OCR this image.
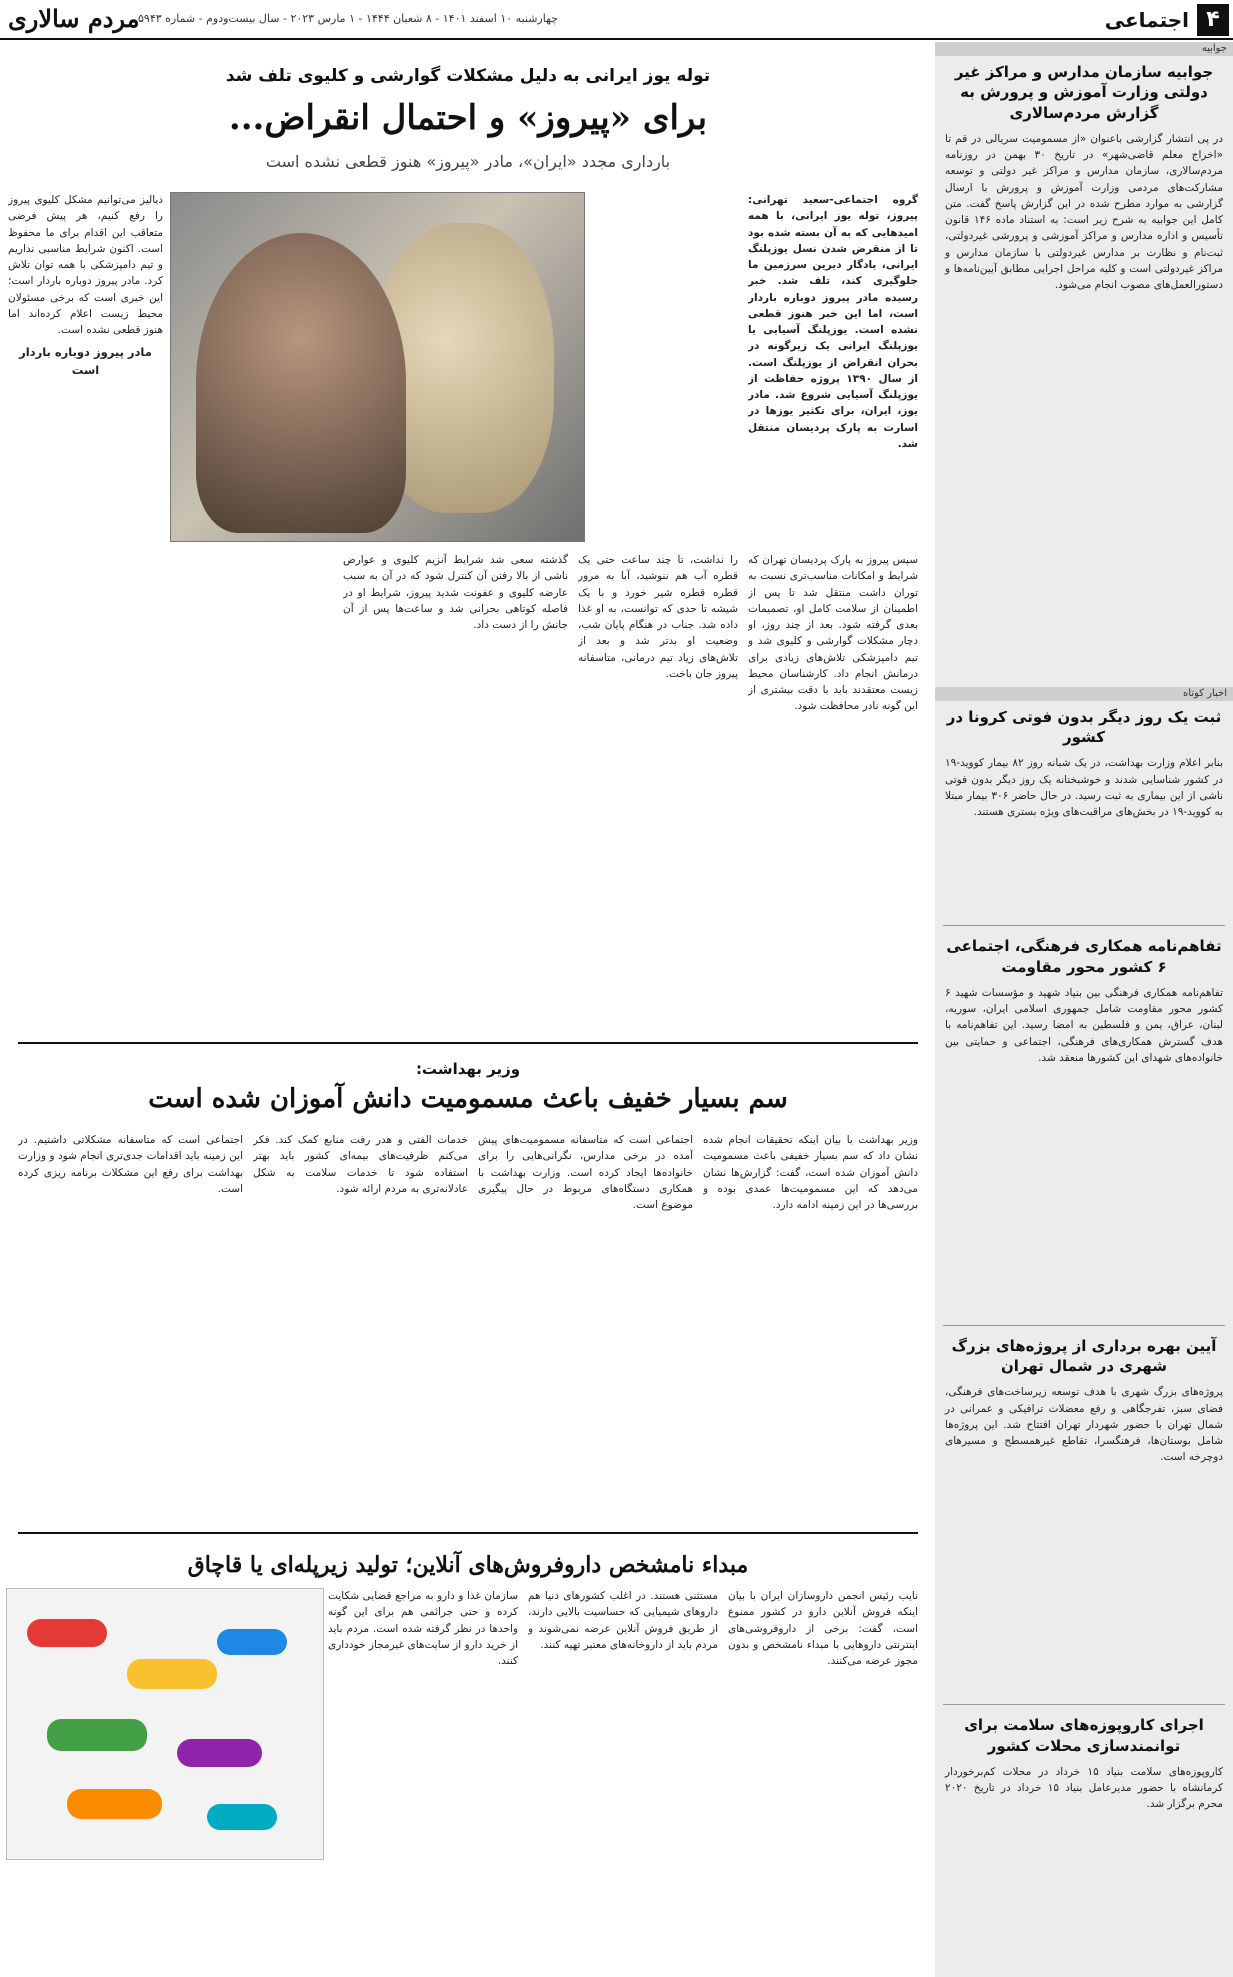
۴
اجتماعی
چهارشنبه ۱۰ اسفند ۱۴۰۱ - ۸ شعبان ۱۴۴۴ - ۱ مارس ۲۰۲۳ - سال بیست‌ودوم - شماره ۵۹۴۳
مردم سالاری
جوابیه
جوابیه سازمان مدارس و مراکز غیر دولتی وزارت آموزش و پرورش به گزارش مردم‌سالاری

در پی انتشار گزارشی باعنوان «از مسمومیت سریالی در قم تا «اخراج معلم قاضی‌شهر» در تاریخ ۳۰ بهمن در روزنامه مردم‌سالاری، سازمان مدارس و مراکز غیر دولتی و توسعه مشارکت‌های مردمی وزارت آموزش و پرورش با ارسال گزارشی به موارد مطرح شده در این گزارش پاسخ گفت. متن کامل این جوابیه به شرح زیر است: به استناد ماده ۱۴۶ قانون تأسیس و اداره مدارس و مراکز آموزشی و پرورشی غیردولتی، ثبت‌نام و نظارت بر مدارس غیردولتی با سازمان مدارس و مراکز غیردولتی است و کلیه مراحل اجرایی مطابق آیین‌نامه‌ها و دستورالعمل‌های مصوب انجام می‌شود.

اخبار کوتاه
ثبت یک روز دیگر بدون فوتی کرونا در کشور

بنابر اعلام وزارت بهداشت، در یک شبانه روز ۸۲ بیمار کووید-۱۹ در کشور شناسایی شدند و خوشبختانه یک روز دیگر بدون فوتی ناشی از این بیماری به ثبت رسید. در حال حاضر ۳۰۶ بیمار مبتلا به کووید-۱۹ در بخش‌های مراقبت‌های ویژه بستری هستند.

تفاهم‌نامه همکاری فرهنگی، اجتماعی ۶ کشور محور مقاومت

تفاهم‌نامه همکاری فرهنگی بین بنیاد شهید و مؤسسات شهید ۶ کشور محور مقاومت شامل جمهوری اسلامی ایران، سوریه، لبنان، عراق، یمن و فلسطین به امضا رسید. این تفاهم‌نامه با هدف گسترش همکاری‌های فرهنگی، اجتماعی و حمایتی بین خانواده‌های شهدای این کشورها منعقد شد.

آیین بهره برداری از پروژه‌های بزرگ شهری در شمال تهران

پروژه‌های بزرگ شهری با هدف توسعه زیرساخت‌های فرهنگی، فضای سبز، تفرجگاهی و رفع معضلات ترافیکی و عمرانی در شمال تهران با حضور شهردار تهران افتتاح شد. این پروژه‌ها شامل بوستان‌ها، فرهنگسرا، تقاطع غیرهمسطح و مسیرهای دوچرخه است.

اجرای کاروپوزه‌های سلامت برای توانمندسازی محلات کشور

کاروپوزه‌های سلامت بنیاد ۱۵ خرداد در محلات کم‌برخوردار کرمانشاه با حضور مدیرعامل بنیاد ۱۵ خرداد در تاریخ ۲۰۲۰ محرم برگزار شد.

توله یوز ایرانی به دلیل مشکلات گوارشی و کلیوی تلف شد
برای «پیروز» و احتمال انقراض...
بارداری مجدد «ایران»، مادر «پیروز» هنوز قطعی نشده است

گروه اجتماعی-سعید تهرانی: پیروز، توله یوز ایرانی، با همه امیدهایی که به آن بسته شده بود تا از منقرض شدن نسل یوزپلنگ ایرانی، یادگار دیرین سرزمین ما جلوگیری کند، تلف شد. خبر رسیده مادر پیروز دوباره باردار است، اما این خبر هنوز قطعی نشده است. یوزپلنگ آسیایی یا یوزپلنگ ایرانی یک زیرگونه در بحران انقراض از یوزپلنگ است. از سال ۱۳۹۰ پروژه حفاظت از یوزپلنگ آسیایی شروع شد. مادر یوز، ایران، برای تکثیر یوزها در اسارت به پارک پردیسان منتقل شد.

دیالیز می‌توانیم مشکل کلیوی پیروز را رفع کنیم، هر پیش فرضی متعاقب این اقدام برای ما محفوظ است. اکنون شرایط مناسبی نداریم و تیم دامپزشکی با همه توان تلاش کرد. مادر پیروز دوباره باردار است؛ این خبری است که برخی مسئولان محیط زیست اعلام کرده‌اند اما هنوز قطعی نشده است.

مادر پیروز دوباره باردار است

سپس پیروز به پارک پردیسان تهران که شرایط و امکانات مناسب‌تری نسبت به توران داشت منتقل شد تا پس از اطمینان از سلامت کامل او، تصمیمات بعدی گرفته شود. بعد از چند روز، او دچار مشکلات گوارشی و کلیوی شد و تیم دامپزشکی تلاش‌های زیادی برای درمانش انجام داد. کارشناسان محیط زیست معتقدند باید با دقت بیشتری از این گونه نادر محافظت شود.

را نداشت، تا چند ساعت حتی یک قطره آب هم ننوشید، آبا به مرور قطره قطره شیر خورد و با یک شیشه تا حدی که توانست، به او غذا داده شد. جناب در هنگام پایان شب، وضعیت او بدتر شد و بعد از تلاش‌های زیاد تیم درمانی، متاسفانه پیروز جان باخت.

گذشته سعی شد شرایط آنزیم کلیوی و عوارض ناشی از بالا رفتن آن کنترل شود که در آن به سبب عارضه کلیوی و عفونت شدید پیروز، شرایط او در فاصله کوتاهی بحرانی شد و ساعت‌ها پس از آن جانش را از دست داد.

وزیر بهداشت:
سم بسیار خفیف باعث مسمومیت دانش آموزان شده است

وزیر بهداشت با بیان اینکه تحقیقات انجام شده نشان داد که سم بسیار خفیفی باعث مسمومیت دانش آموزان شده است، گفت: گزارش‌ها نشان می‌دهد که این مسمومیت‌ها عمدی بوده و بررسی‌ها در این زمینه ادامه دارد.

اجتماعی است که متاسفانه مسمومیت‌های پیش آمده در برخی مدارس، نگرانی‌هایی را برای خانواده‌ها ایجاد کرده است. وزارت بهداشت با همکاری دستگاه‌های مربوط در حال پیگیری موضوع است.

خدمات الفتی و هدر رفت منابع کمک کند. فکر می‌کنم ظرفیت‌های بیمه‌ای کشور باید بهتر استفاده شود تا خدمات سلامت به شکل عادلانه‌تری به مردم ارائه شود.

اجتماعی است که متاسفانه مشکلاتی داشتیم. در این زمینه باید اقدامات جدی‌تری انجام شود و وزارت بهداشت برای رفع این مشکلات برنامه ریزی کرده است.

مبداء نامشخص داروفروش‌های آنلاین؛ تولید زیرپله‌ای یا قاچاق

نایب رئیس انجمن داروسازان ایران با بیان اینکه فروش آنلاین دارو در کشور ممنوع است، گفت: برخی از داروفروشی‌های اینترنتی داروهایی با مبداء نامشخص و بدون مجوز عرضه می‌کنند.

مستثنی هستند. در اغلب کشورهای دنیا هم داروهای شیمیایی که حساسیت بالایی دارند، از طریق فروش آنلاین عرضه نمی‌شوند و مردم باید از داروخانه‌های معتبر تهیه کنند.

سازمان غذا و دارو به مراجع قضایی شکایت کرده و حتی جرائمی هم برای این گونه واحدها در نظر گرفته شده است. مردم باید از خرید دارو از سایت‌های غیرمجاز خودداری کنند.
